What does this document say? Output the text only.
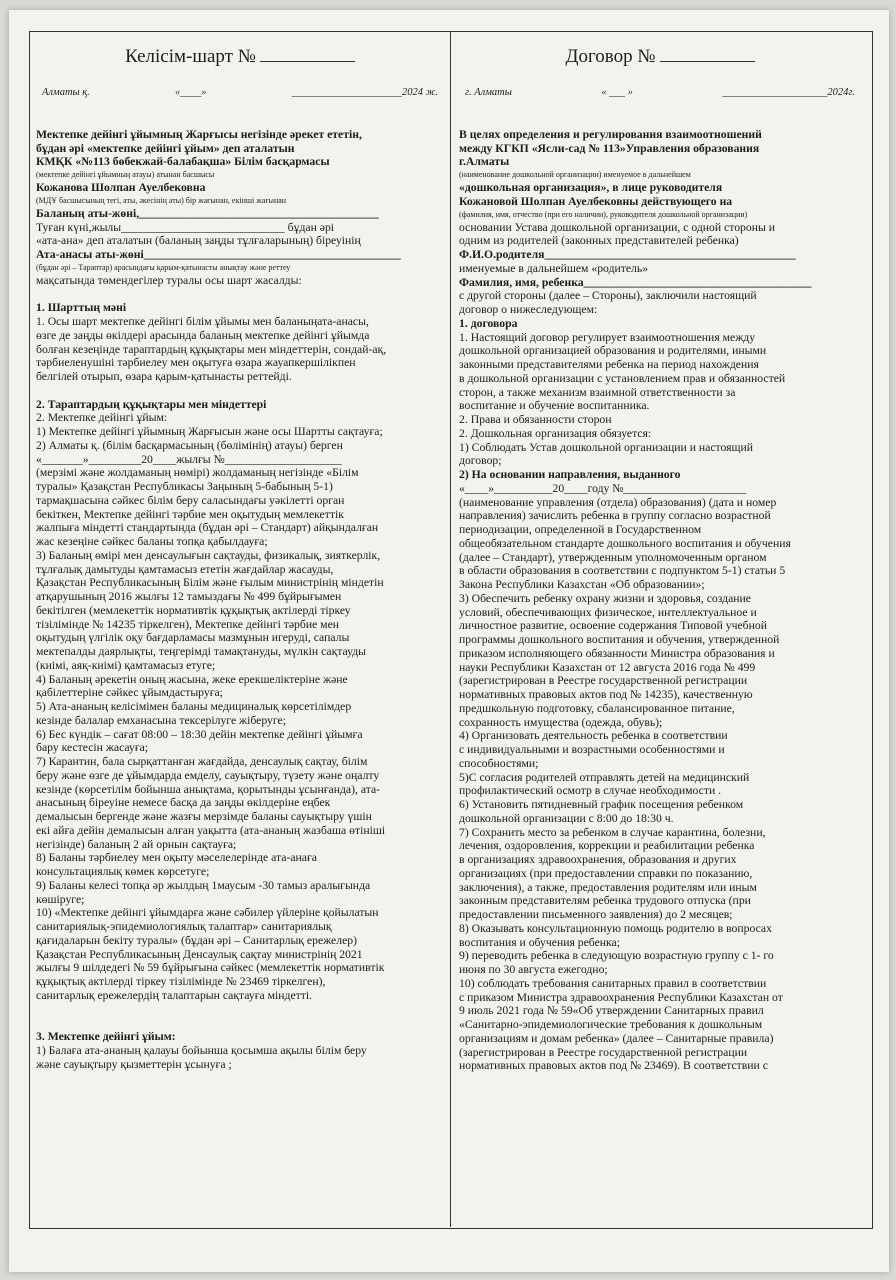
Келісім-шарт №
Алматы қ.	«____»	_____________________2024 ж.

Мектепке дейінгі ұйымның Жарғысы негізінде әрекет ететін,

бұдан әрі «мектепке дейінгі ұйым» деп аталатын

КМҚК «№113 бөбекжай-балабақша» Білім басқармасы

(мектепке дейінгі ұйымның атауы) атынан басшысы

Кожанова Шолпан Ауелбековна

(МДҰ басшысының тегі, аты, әкесінің аты) бір жағынан, екінші жағынан

Баланың аты-жөні,_________________________________________

Туған күні,жылы____________________________ бұдан әрі

«ата-ана» деп аталатын (баланың заңды тұлғаларының) біреуінің

Ата-анасы аты-жөні____________________________________________

(бұдан әрі – Тараптар) арасындағы қарым-қатынасты анықтау және реттеу

мақсатында төмендегілер туралы осы шарт жасалды:

1. Шарттың мәні

1. Осы шарт мектепке дейінгі білім ұйымы мен баланыңата-анасы,

өзге де заңды өкілдері арасында баланың мектепке дейінгі ұйымда

болған кезеңінде тараптардың құқықтары мен міндеттерін, сондай-ақ,

тәрбиеленушіні тәрбиелеу мен оқытуға өзара жауапкершілікпен

белгілей отырып, өзара қарым-қатынасты реттейді.

2. Тараптардың құқықтары мен міндеттері

2. Мектепке дейінгі ұйым:

1) Мектепке дейінгі ұйымның Жарғысын және осы Шартты сақтауға;

2) Алматы қ. (білім басқармасының (бөлімінің) атауы) берген

«_______»_________20____жылғы №____________________

(мерзімі және жолдаманың нөмірі) жолдаманың негізінде «Білім

туралы» Қазақстан Республикасы Заңының 5-бабының 5-1)

тармақшасына сәйкес білім беру саласындағы уәкілетті орган

бекіткен, Мектепке дейінгі тәрбие мен оқытудың мемлекеттік

жалпыға міндетті стандартында (бұдан әрі – Стандарт) айқындалған

жас кезеңіне сәйкес баланы топқа қабылдауға;

3) Баланың өмірі мен денсаулығын сақтауды, физикалық, зияткерлік,

тұлғалық дамытуды қамтамасыз ететін жағдайлар жасауды,

Қазақстан Республикасының Білім және ғылым министрінің міндетін

атқарушының 2016 жылғы 12 тамыздағы № 499 бұйрығымен

бекітілген (мемлекеттік нормативтік құқықтық актілерді тіркеу

тізілімінде № 14235 тіркелген), Мектепке дейінгі тәрбие мен

оқытудың үлгілік оқу бағдарламасы мазмұнын игеруді, сапалы

мектепалды даярлықты, теңгерімді тамақтануды, мүлкін сақтауды

(киімі, аяқ-киімі) қамтамасыз етуге;

4) Баланың әрекетін оның жасына, жеке ерекшеліктеріне және

қабілеттеріне сәйкес ұйымдастыруға;

5) Ата-ананың келісімімен баланы медициналық көрсетілімдер

кезінде балалар емханасына тексерілуге жіберуге;

6) Бес күндік – сағат 08:00 – 18:30 дейін мектепке дейінгі ұйымға

бару кестесін жасауға;

7) Карантин, бала сырқаттанған жағдайда, денсаулық сақтау, білім

беру және өзге де ұйымдарда емделу, сауықтыру, түзету және оңалту

кезінде (көрсетілім бойынша анықтама, қорытынды ұсынғанда), ата-

анасының біреуіне немесе басқа да заңды өкілдеріне еңбек

демалысын бергенде және жазғы мерзімде баланы сауықтыру үшін

екі айға дейін демалысын алған уақытта (ата-ананың жазбаша өтініші

негізінде) баланың 2 ай орнын сақтауға;

8) Баланы тәрбиелеу мен оқыту мәселелерінде ата-анаға

консультациялық көмек көрсетуге;

9) Баланы келесі топқа әр жылдың 1маусым -30 тамыз аралығында

көшіруге;

10) «Мектепке дейінгі ұйымдарға және сәбилер үйлеріне қойылатын

санитариялық-эпидемиологиялық талаптар» санитариялық

қағидаларын бекіту туралы» (бұдан әрі – Санитарлық ережелер)

Қазақстан Республикасының Денсаулық сақтау министрінің 2021

жылғы 9 шілдедегі № 59 бұйрығына сәйкес (мемлекеттік нормативтік

құқықтық актілерді тіркеу тізілімінде № 23469 тіркелген),

санитарлық ережелердің талаптарын сақтауға міндетті.

3. Мектепке дейінгі ұйым:

1) Балаға ата-ананың қалауы бойынша қосымша ақылы білім беру

және сауықтыру қызметтерін ұсынуға ;

Договор №
г. Алматы	« ___ »	____________________2024г.

В целях определения и регулирования взаимоотношений

между КГКП «Ясли-сад № 113»Управления образования

г.Алматы

(наименование дошкольной организации) именуемое в дальнейшем

«дошкольная организация», в лице руководителя

Кожановой Шолпан Ауелбековны действующего на

(фамилия, имя, отчество (при его наличии), руководителя дошкольной организации)

основании Устава дошкольной организации, с одной стороны и

одним из родителей (законных представителей ребенка)

Ф.И.О.родителя___________________________________________

именуемые в дальнейшем «родитель»

Фамилия, имя, ребенка_______________________________________

с другой стороны (далее – Стороны), заключили настоящий

договор о нижеследующем:

1. договора

1. Настоящий договор регулирует взаимоотношения между

дошкольной организацией образования и родителями, иными

законными представителями ребенка на период нахождения

в дошкольной организации с установлением прав и обязанностей

сторон, а также механизм взаимной ответственности за

воспитание и обучение воспитанника.

2. Права и обязанности сторон

2. Дошкольная организация обязуется:

1) Соблюдать Устав дошкольной организации и настоящий

договор;

2) На основании направления, выданного

«____»__________20____году №_____________________

(наименование управления (отдела) образования) (дата и номер

направления) зачислить ребенка в группу согласно возрастной

периодизации, определенной в Государственном

общеобязательном стандарте дошкольного воспитания и обучения

(далее – Стандарт), утвержденным уполномоченным органом

в области образования в соответствии с подпунктом 5-1) статьи 5

Закона Республики Казахстан «Об образовании»;

3) Обеспечить ребенку охрану жизни и здоровья, создание

условий, обеспечивающих физическое, интеллектуальное и

личностное развитие, освоение содержания Типовой учебной

программы дошкольного воспитания и обучения, утвержденной

приказом исполняющего обязанности Министра образования и

науки Республики Казахстан от 12 августа 2016 года № 499

(зарегистрирован в Реестре государственной регистрации

нормативных правовых актов под № 14235), качественную

предшкольную подготовку, сбалансированное питание,

сохранность имущества (одежда, обувь);

4) Организовать деятельность ребенка в соответствии

с индивидуальными и возрастными особенностями и

способностями;

5)С согласия родителей отправлять детей на медицинский

профилактический осмотр в случае необходимости .

6) Установить пятидневный график посещения ребенком

дошкольной организации с 8:00 до 18:30 ч.

7) Сохранить место за ребенком в случае карантина, болезни,

лечения, оздоровления, коррекции и реабилитации ребенка

в организациях здравоохранения, образования и других

организациях (при предоставлении справки по показанию,

заключения), а также, предоставления родителям или иным

законным представителям ребенка трудового отпуска (при

предоставлении письменного заявления) до 2 месяцев;

8) Оказывать консультационную помощь родителю в вопросах

воспитания и обучения ребенка;

9) переводить ребенка в следующую возрастную группу с 1- го

июня по 30 августа ежегодно;

10) соблюдать требования санитарных правил в соответствии

с приказом Министра здравоохранения Республики Казахстан от

9 июль 2021 года № 59«Об утверждении Санитарных правил

«Санитарно-эпидемиологические требования к дошкольным

организациям и домам ребенка» (далее – Санитарные правила)

(зарегистрирован в Реестре государственной регистрации

нормативных правовых актов под № 23469). В соответствии с
